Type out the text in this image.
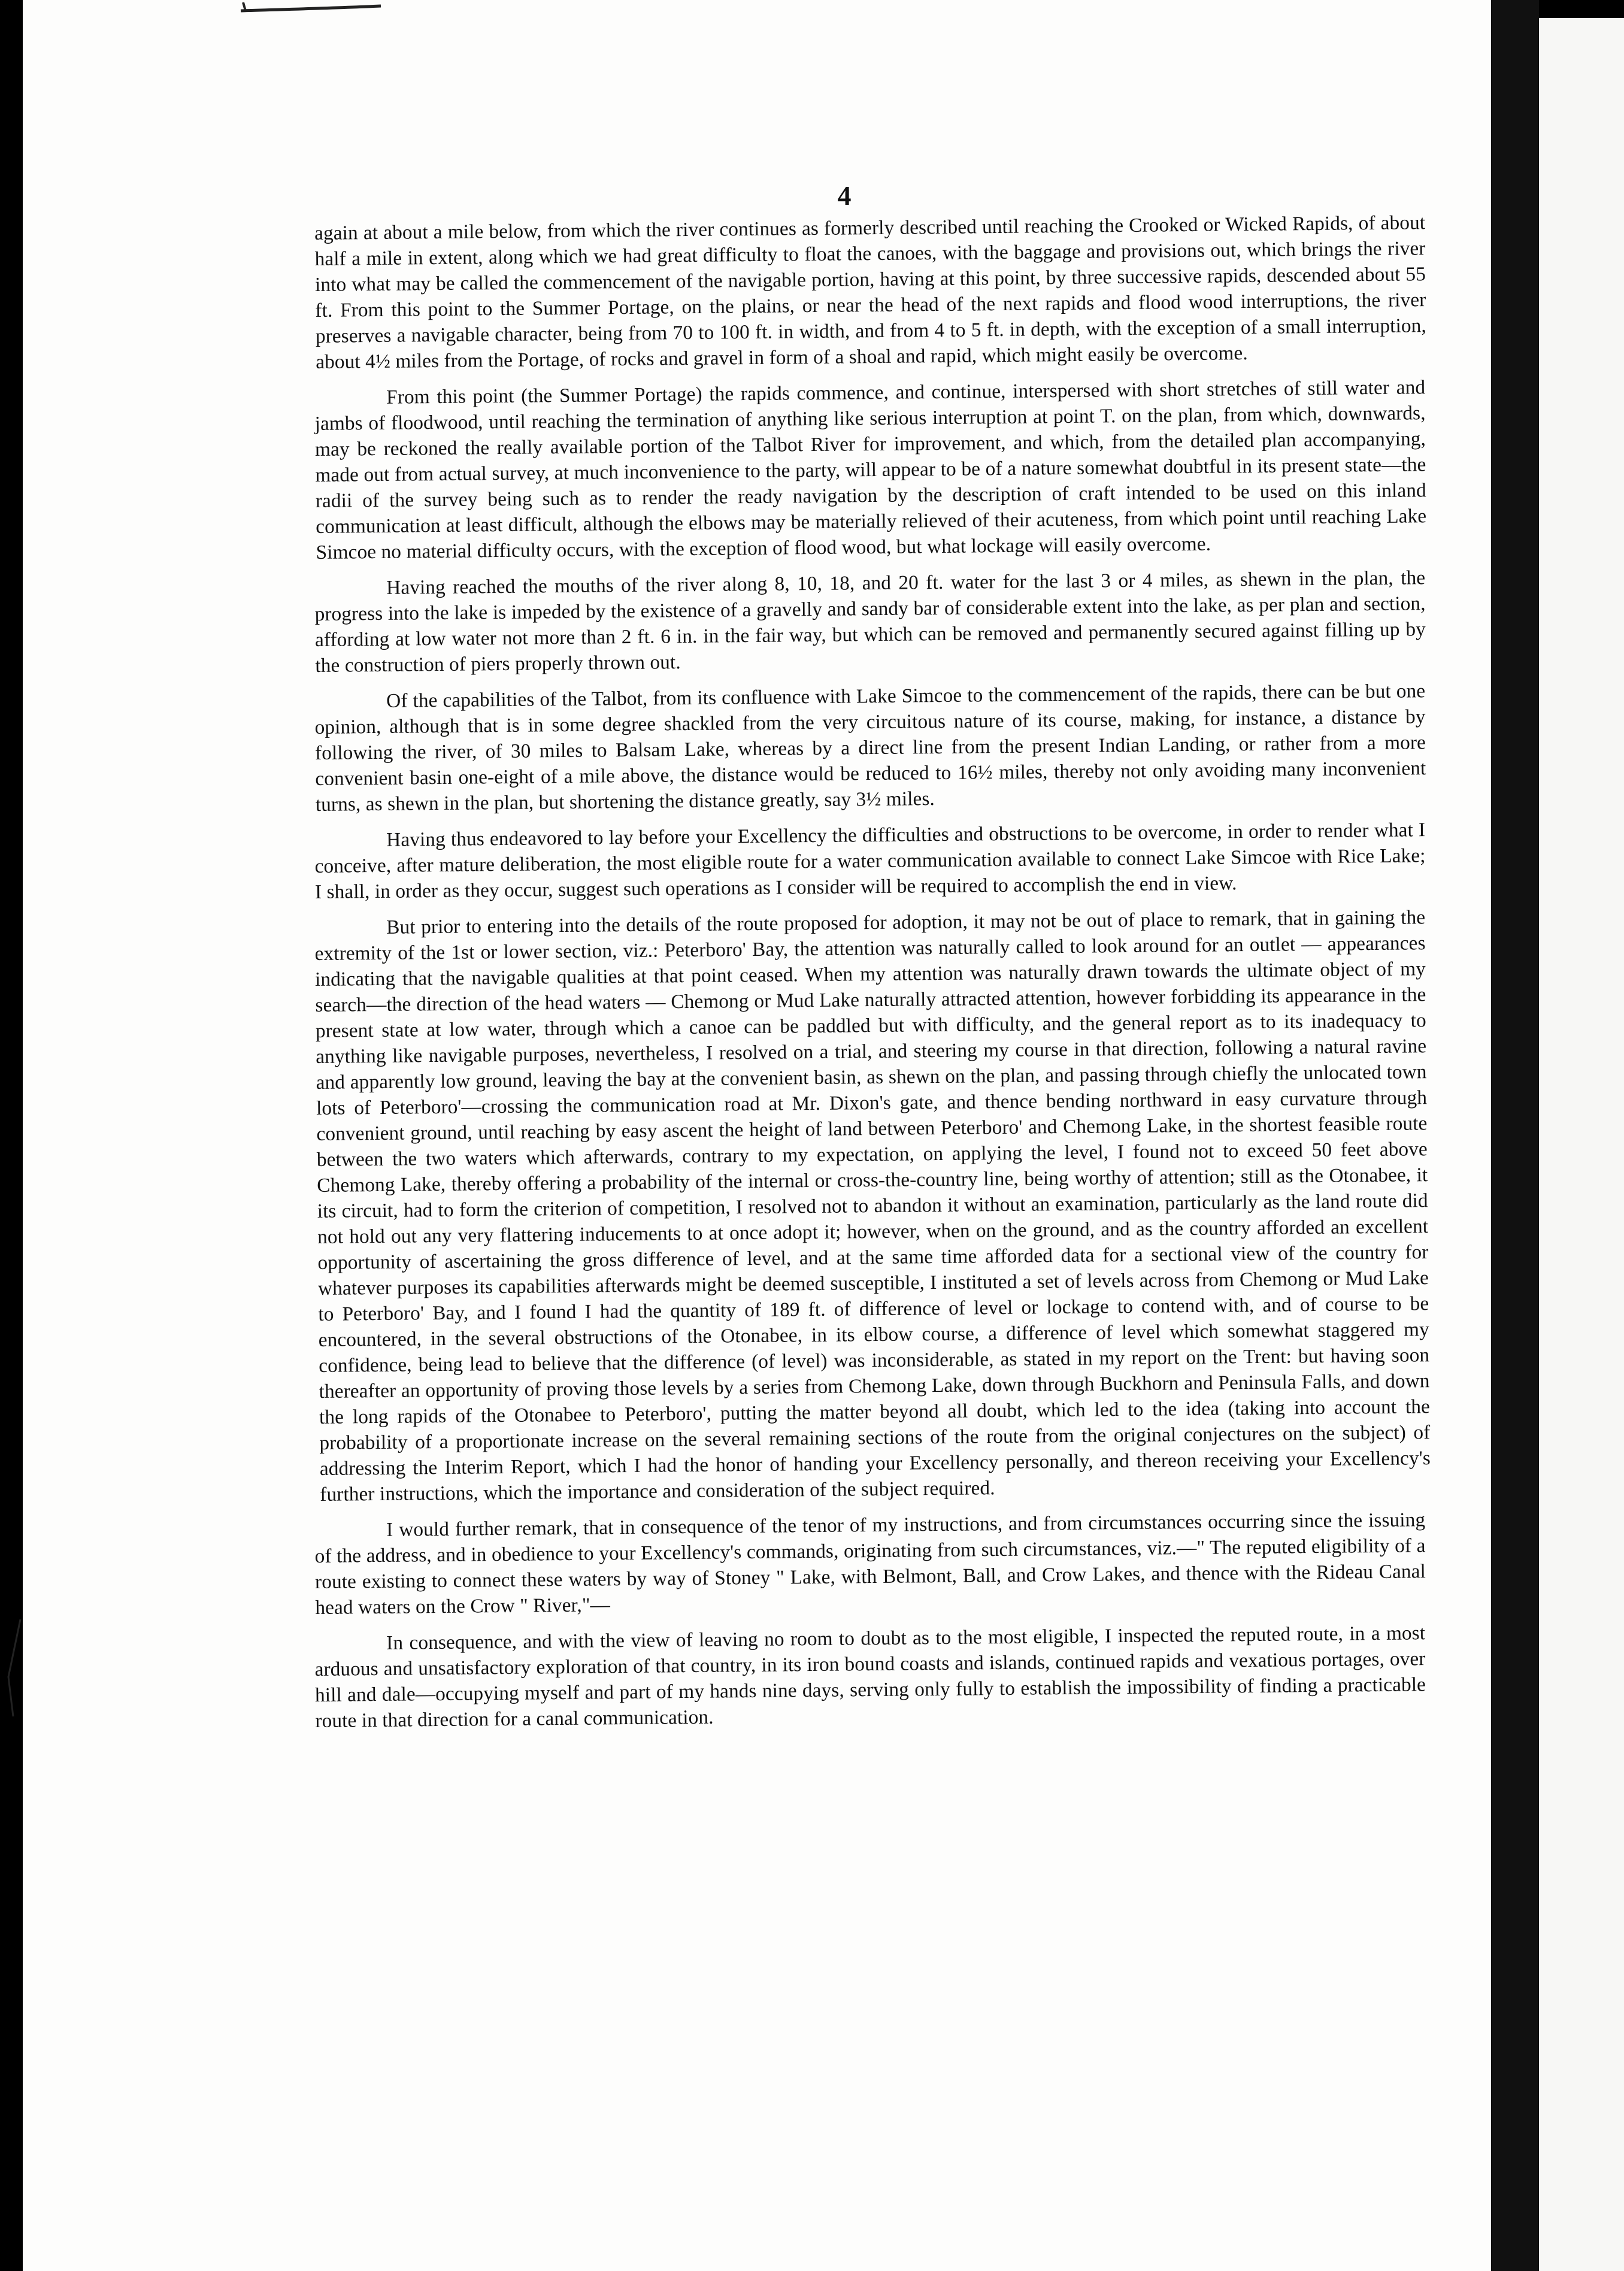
4

again at about a mile below, from which the river continues as formerly described until reaching the Crooked or Wicked Rapids, of about half a mile in extent, along which we had great difficulty to float the canoes, with the baggage and provisions out, which brings the river into what may be called the commencement of the navigable portion, having at this point, by three successive rapids, descended about 55 ft. From this point to the Summer Portage, on the plains, or near the head of the next rapids and flood wood interruptions, the river preserves a navigable character, being from 70 to 100 ft. in width, and from 4 to 5 ft. in depth, with the exception of a small interruption, about 4½ miles from the Portage, of rocks and gravel in form of a shoal and rapid, which might easily be overcome.

From this point (the Summer Portage) the rapids commence, and continue, interspersed with short stretches of still water and jambs of floodwood, until reaching the termination of anything like serious interruption at point T. on the plan, from which, downwards, may be reckoned the really available portion of the Talbot River for improvement, and which, from the detailed plan accompanying, made out from actual survey, at much inconvenience to the party, will appear to be of a nature somewhat doubtful in its present state—the radii of the survey being such as to render the ready navigation by the description of craft intended to be used on this inland communication at least difficult, although the elbows may be materially relieved of their acuteness, from which point until reaching Lake Simcoe no material difficulty occurs, with the exception of flood wood, but what lockage will easily overcome.

Having reached the mouths of the river along 8, 10, 18, and 20 ft. water for the last 3 or 4 miles, as shewn in the plan, the progress into the lake is impeded by the existence of a gravelly and sandy bar of considerable extent into the lake, as per plan and section, affording at low water not more than 2 ft. 6 in. in the fair way, but which can be removed and permanently secured against filling up by the construction of piers properly thrown out.

Of the capabilities of the Talbot, from its confluence with Lake Simcoe to the commencement of the rapids, there can be but one opinion, although that is in some degree shackled from the very circuitous nature of its course, making, for instance, a distance by following the river, of 30 miles to Balsam Lake, whereas by a direct line from the present Indian Landing, or rather from a more convenient basin one-eight of a mile above, the distance would be reduced to 16½ miles, thereby not only avoiding many inconvenient turns, as shewn in the plan, but shortening the distance greatly, say 3½ miles.

Having thus endeavored to lay before your Excellency the difficulties and obstructions to be overcome, in order to render what I conceive, after mature deliberation, the most eligible route for a water communication available to connect Lake Simcoe with Rice Lake; I shall, in order as they occur, suggest such operations as I consider will be required to accomplish the end in view.

But prior to entering into the details of the route proposed for adoption, it may not be out of place to remark, that in gaining the extremity of the 1st or lower section, viz.: Peterboro' Bay, the attention was naturally called to look around for an outlet — appearances indicating that the navigable qualities at that point ceased. When my attention was naturally drawn towards the ultimate object of my search—the direction of the head waters — Chemong or Mud Lake naturally attracted attention, however forbidding its appearance in the present state at low water, through which a canoe can be paddled but with difficulty, and the general report as to its inadequacy to anything like navigable purposes, nevertheless, I resolved on a trial, and steering my course in that direction, following a natural ravine and apparently low ground, leaving the bay at the convenient basin, as shewn on the plan, and passing through chiefly the unlocated town lots of Peterboro'—crossing the communication road at Mr. Dixon's gate, and thence bending northward in easy curvature through convenient ground, until reaching by easy ascent the height of land between Peterboro' and Chemong Lake, in the shortest feasible route between the two waters which afterwards, contrary to my expectation, on applying the level, I found not to exceed 50 feet above Chemong Lake, thereby offering a probability of the internal or cross-the-country line, being worthy of attention; still as the Otonabee, it its circuit, had to form the criterion of competition, I resolved not to abandon it without an examination, particularly as the land route did not hold out any very flattering inducements to at once adopt it; however, when on the ground, and as the country afforded an excellent opportunity of ascertaining the gross difference of level, and at the same time afforded data for a sectional view of the country for whatever purposes its capabilities afterwards might be deemed susceptible, I instituted a set of levels across from Chemong or Mud Lake to Peterboro' Bay, and I found I had the quantity of 189 ft. of difference of level or lockage to contend with, and of course to be encountered, in the several obstructions of the Otonabee, in its elbow course, a difference of level which somewhat staggered my confidence, being lead to believe that the difference (of level) was inconsiderable, as stated in my report on the Trent: but having soon thereafter an opportunity of proving those levels by a series from Chemong Lake, down through Buckhorn and Peninsula Falls, and down the long rapids of the Otonabee to Peterboro', putting the matter beyond all doubt, which led to the idea (taking into account the probability of a proportionate increase on the several remaining sections of the route from the original conjectures on the subject) of addressing the Interim Report, which I had the honor of handing your Excellency personally, and thereon receiving your Excellency's further instructions, which the importance and consideration of the subject required.

I would further remark, that in consequence of the tenor of my instructions, and from circumstances occurring since the issuing of the address, and in obedience to your Excellency's commands, originating from such circumstances, viz.—" The reputed eligibility of a route existing to connect these waters by way of Stoney " Lake, with Belmont, Ball, and Crow Lakes, and thence with the Rideau Canal head waters on the Crow " River,"—

In consequence, and with the view of leaving no room to doubt as to the most eligible, I inspected the reputed route, in a most arduous and unsatisfactory exploration of that country, in its iron bound coasts and islands, continued rapids and vexatious portages, over hill and dale—occupying myself and part of my hands nine days, serving only fully to establish the impossibility of finding a practicable route in that direction for a canal communication.
